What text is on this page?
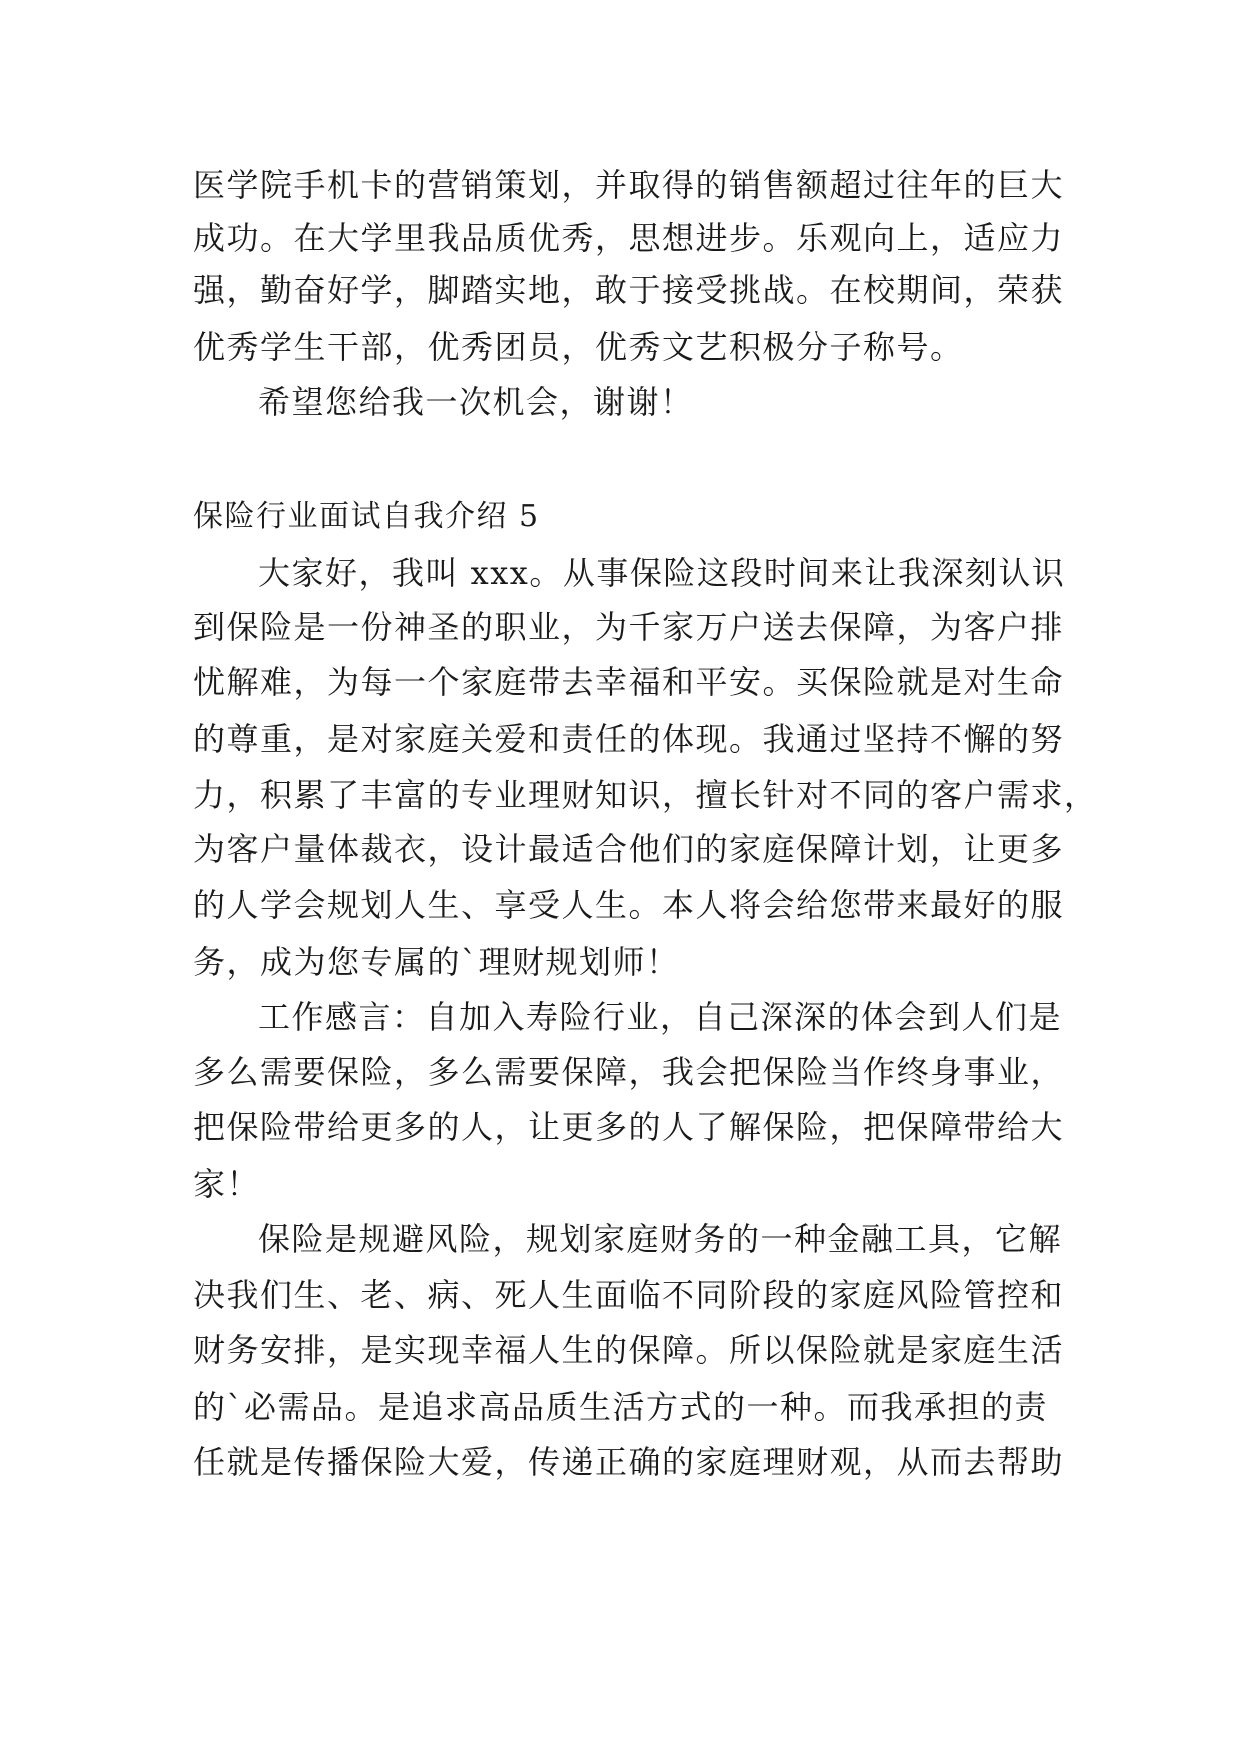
医学院手机卡的营销策划，并取得的销售额超过往年的巨大
成功。在大学里我品质优秀，思想进步。乐观向上，适应力
强，勤奋好学，脚踏实地，敢于接受挑战。在校期间，荣获
优秀学生干部，优秀团员，优秀文艺积极分子称号。
希望您给我一次机会，谢谢！
保险行业面试自我介绍 5
大家好，我叫 xxx。从事保险这段时间来让我深刻认识
到保险是一份神圣的职业，为千家万户送去保障，为客户排
忧解难，为每一个家庭带去幸福和平安。买保险就是对生命
的尊重，是对家庭关爱和责任的体现。我通过坚持不懈的努
力，积累了丰富的专业理财知识，擅长针对不同的客户需求，
为客户量体裁衣，设计最适合他们的家庭保障计划，让更多
的人学会规划人生、享受人生。本人将会给您带来最好的服
务，成为您专属的`理财规划师！
工作感言：自加入寿险行业，自己深深的体会到人们是
多么需要保险，多么需要保障，我会把保险当作终身事业，
把保险带给更多的人，让更多的人了解保险，把保障带给大
家！
保险是规避风险，规划家庭财务的一种金融工具，它解
决我们生、老、病、死人生面临不同阶段的家庭风险管控和
财务安排，是实现幸福人生的保障。所以保险就是家庭生活
的`必需品。是追求高品质生活方式的一种。而我承担的责
任就是传播保险大爱，传递正确的家庭理财观，从而去帮助
